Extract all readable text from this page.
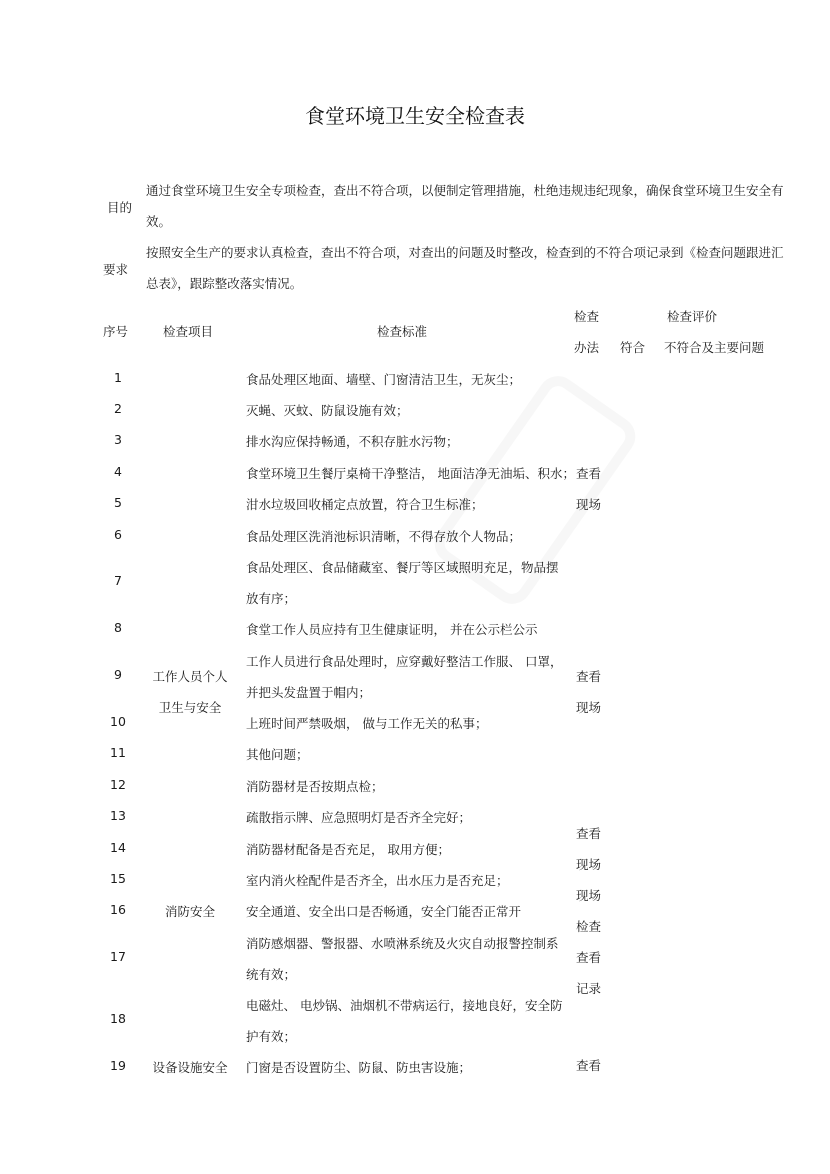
食堂环境卫生安全检查表
目的
通过食堂环境卫生安全专项检查，查出不符合项，以便制定管理措施，杜绝违规违纪现象，确保食堂环境卫生安全有效。
要求
按照安全生产的要求认真检查，查出不符合项，对查出的问题及时整改，检查到的不符合项记录到《检查问题跟进汇总表》，跟踪整改落实情况。
序号	检查项目	检查标准
检查
办法
检查评价
符合 不符合及主要问题
1
2
3
4
5
6
7
8
9
10
11
12
13
14
15
16
17
18
19
食品处理区地面、墙壁、门窗清洁卫生，无灰尘；
灭蝇、灭蚊、防鼠设施有效；
排水沟应保持畅通，不积存脏水污物；
食堂环境卫生餐厅桌椅干净整洁， 地面洁净无油垢、积水；
泔水垃圾回收桶定点放置，符合卫生标准；
食品处理区洗消池标识清晰，不得存放个人物品；
食品处理区、食品储藏室、餐厅等区域照明充足，物品摆
放有序；
食堂工作人员应持有卫生健康证明， 并在公示栏公示
工作人员进行食品处理时，应穿戴好整洁工作服、 口罩，
并把头发盘置于帽内；
上班时间严禁吸烟， 做与工作无关的私事；
其他问题；
消防器材是否按期点检；
疏散指示牌、应急照明灯是否齐全完好；
消防器材配备是否充足， 取用方便；
室内消火栓配件是否齐全，出水压力是否充足；
安全通道、安全出口是否畅通，安全门能否正常开
消防感烟器、警报器、水喷淋系统及火灾自动报警控制系
统有效；
电磁灶、 电炒锅、油烟机不带病运行，接地良好，安全防
护有效；
门窗是否设置防尘、防鼠、防虫害设施；
工作人员个人
卫生与安全
消防安全
设备设施安全
查看
现场
查看
现场
查看
现场
现场
检查
查看
记录
查看
